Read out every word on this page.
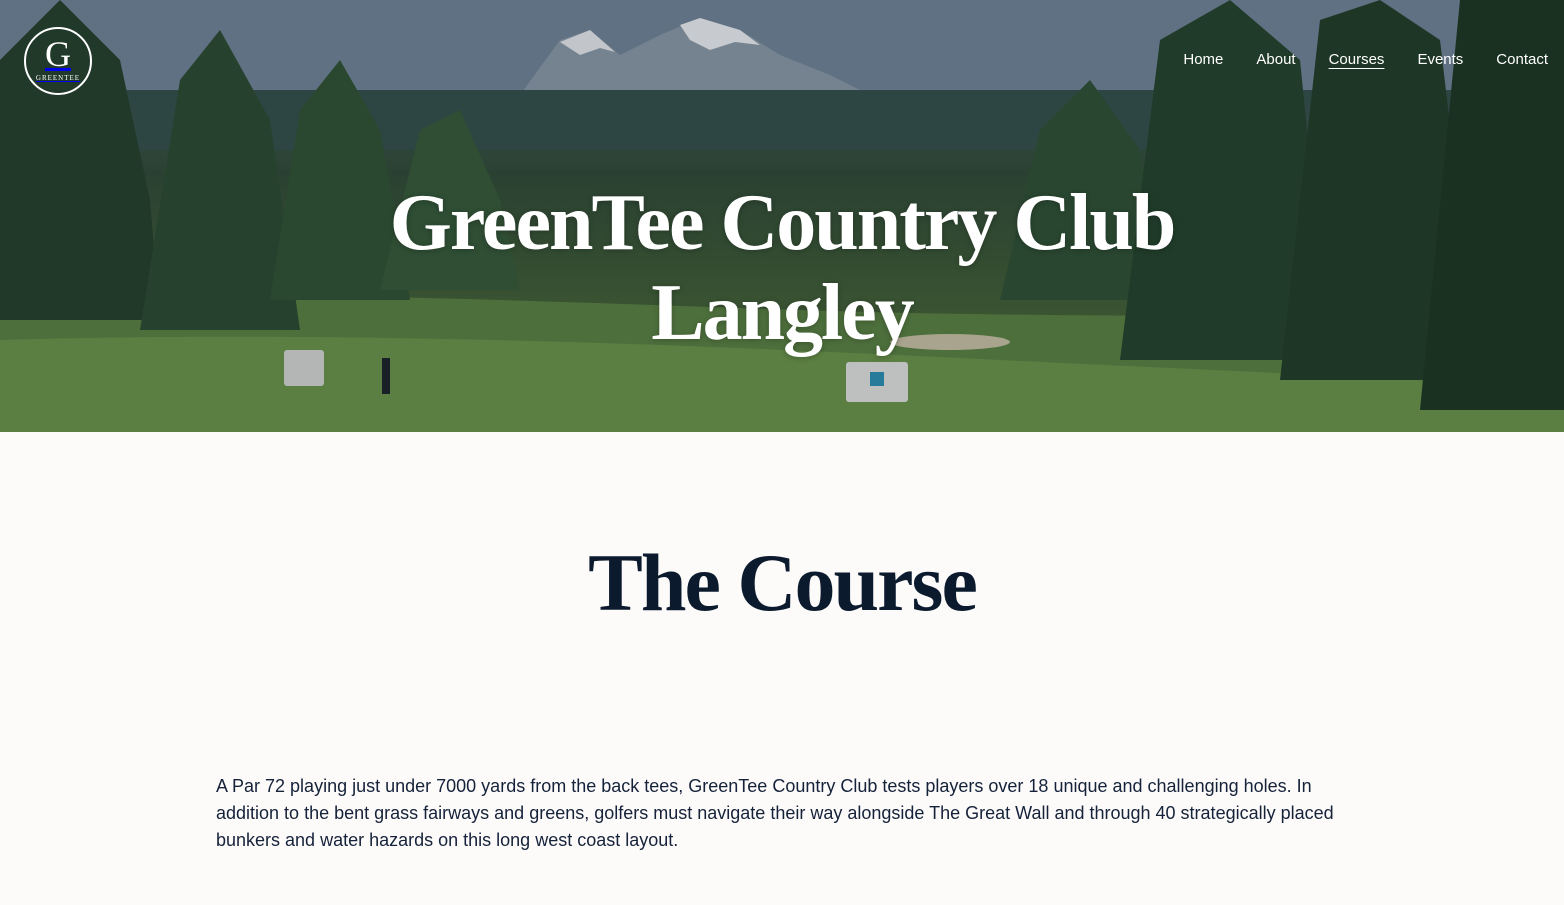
G
GREENTEE
Home About Courses Events Contact
GreenTee Country Club
Langley
The Course

A Par 72 playing just under 7000 yards from the back tees, GreenTee Country Club tests players over 18 unique and challenging holes. In addition to the bent grass fairways and greens, golfers must navigate their way alongside The Great Wall and through 40 strategically placed bunkers and water hazards on this long west coast layout.
